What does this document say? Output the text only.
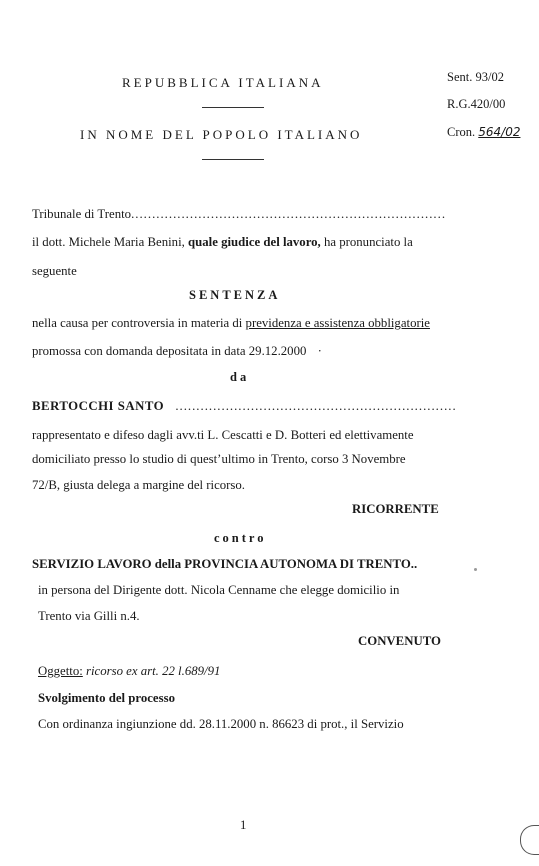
REPUBBLICA ITALIANA
IN NOME DEL POPOLO ITALIANO
Sent. 93/02
R.G.420/00
Cron. 564/02
Tribunale di Trento...........................................................................
il dott. Michele Maria Benini, quale giudice del lavoro, ha pronunciato la
seguente
SENTENZA
nella causa per controversia in materia di previdenza e assistenza obbligatorie
promossa con domanda depositata in data 29.12.2000 ·
da
BERTOCCHI SANTO ...................................................................
rappresentato e difeso dagli avv.ti L. Cescatti e D. Botteri ed elettivamente
domiciliato presso lo studio di quest’ultimo in Trento, corso 3 Novembre
72/B, giusta delega a margine del ricorso.
RICORRENTE
contro
SERVIZIO LAVORO della PROVINCIA AUTONOMA DI TRENTO..
in persona del Dirigente dott. Nicola Cenname che elegge domicilio in
Trento via Gilli n.4.
CONVENUTO
Oggetto: ricorso ex art. 22 l.689/91
Svolgimento del processo
Con ordinanza ingiunzione dd. 28.11.2000 n. 86623 di prot., il Servizio
1
